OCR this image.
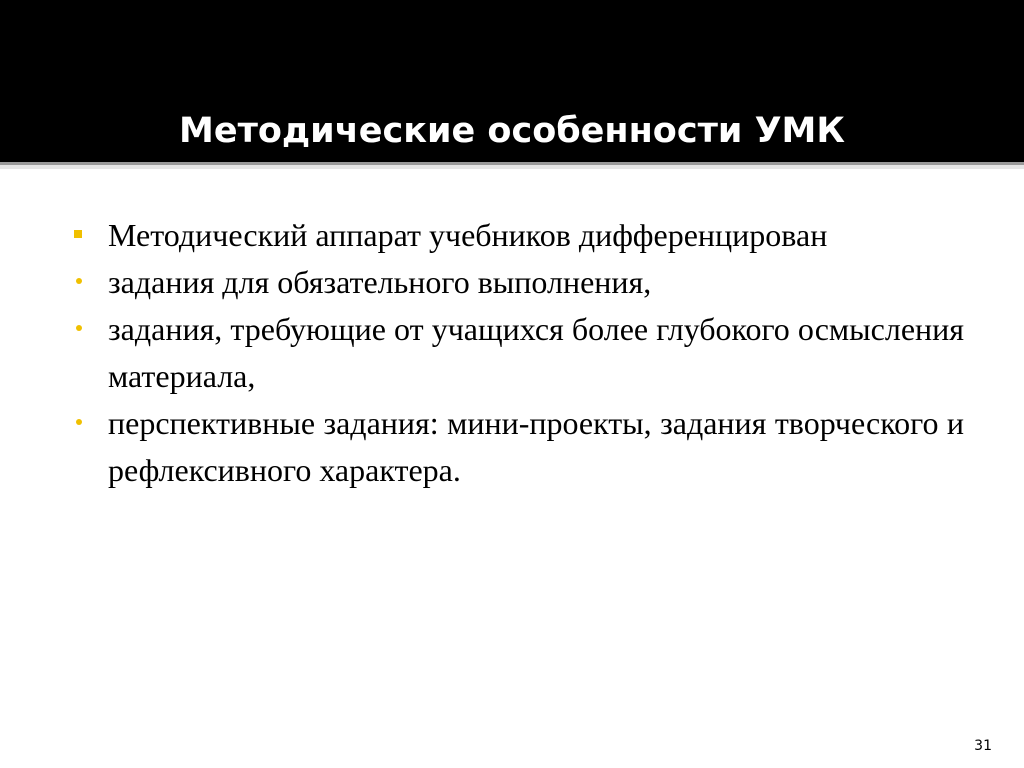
Методические особенности УМК
Методический аппарат учебников дифференцирован
задания для обязательного выполнения,
задания, требующие от учащихся более глубокого осмысления материала,
перспективные задания: мини-проекты, задания творческого и рефлексивного характера.
31
